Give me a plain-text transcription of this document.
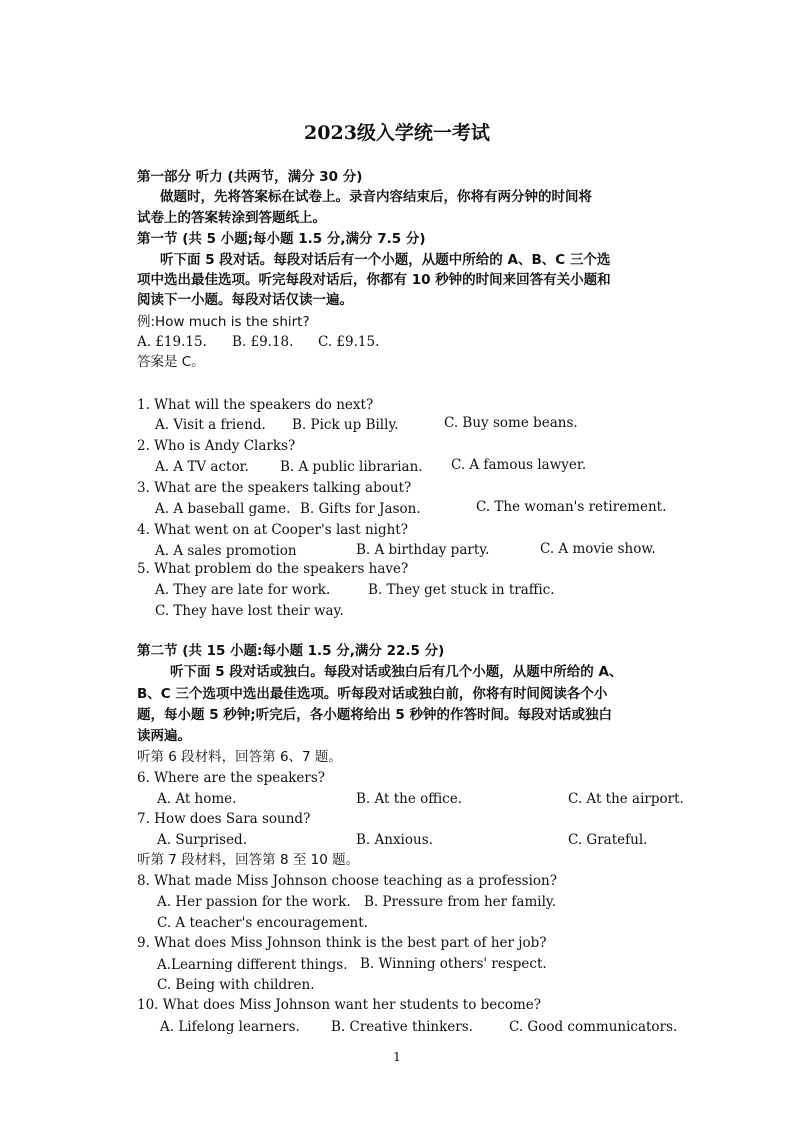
2023级入学统一考试
第一部分 听力 (共两节，满分 30 分)
做题时，先将答案标在试卷上。录音内容结束后，你将有两分钟的时间将
试卷上的答案转涂到答题纸上。
第一节 (共 5 小题;每小题 1.5 分,满分 7.5 分)
听下面 5 段对话。每段对话后有一个小题，从题中所给的 A、B、C 三个选
项中选出最佳选项。听完每段对话后，你都有 10 秒钟的时间来回答有关小题和
阅读下一小题。每段对话仅读一遍。
例:How much is the shirt?
A. £19.15. B. £9.18. C. £9.15.
答案是 C。
1. What will the speakers do next?
A. Visit a friend. B. Pick up Billy.	C. Buy some beans.
2. Who is Andy Clarks?
A. A TV actor. B. A public librarian. C. A famous lawyer.
3. What are the speakers talking about?
A. A baseball game. B. Gifts for Jason.	C. The woman's retirement.
4. What went on at Cooper's last night?
A. A sales promotion	B. A birthday party.	C. A movie show.
5. What problem do the speakers have?
A. They are late for work.	B. They get stuck in traffic.
C. They have lost their way.
第二节 (共 15 小题:每小题 1.5 分,满分 22.5 分)
听下面 5 段对话或独白。每段对话或独白后有几个小题，从题中所给的 A、
B、C 三个选项中选出最佳选项。听每段对话或独白前，你将有时间阅读各个小
题，每小题 5 秒钟;听完后，各小题将给出 5 秒钟的作答时间。每段对话或独白
读两遍。
听第 6 段材料，回答第 6、7 题。
6. Where are the speakers?
A. At home.	B. At the office.	C. At the airport.
7. How does Sara sound?
A. Surprised.	B. Anxious.	C. Grateful.
听第 7 段材料，回答第 8 至 10 题。
8. What made Miss Johnson choose teaching as a profession?
A. Her passion for the work. B. Pressure from her family.
C. A teacher's encouragement.
9. What does Miss Johnson think is the best part of her job?
A.Learning different things. B. Winning others' respect.
C. Being with children.
10. What does Miss Johnson want her students to become?
A. Lifelong learners. B. Creative thinkers.	C. Good communicators.
1
